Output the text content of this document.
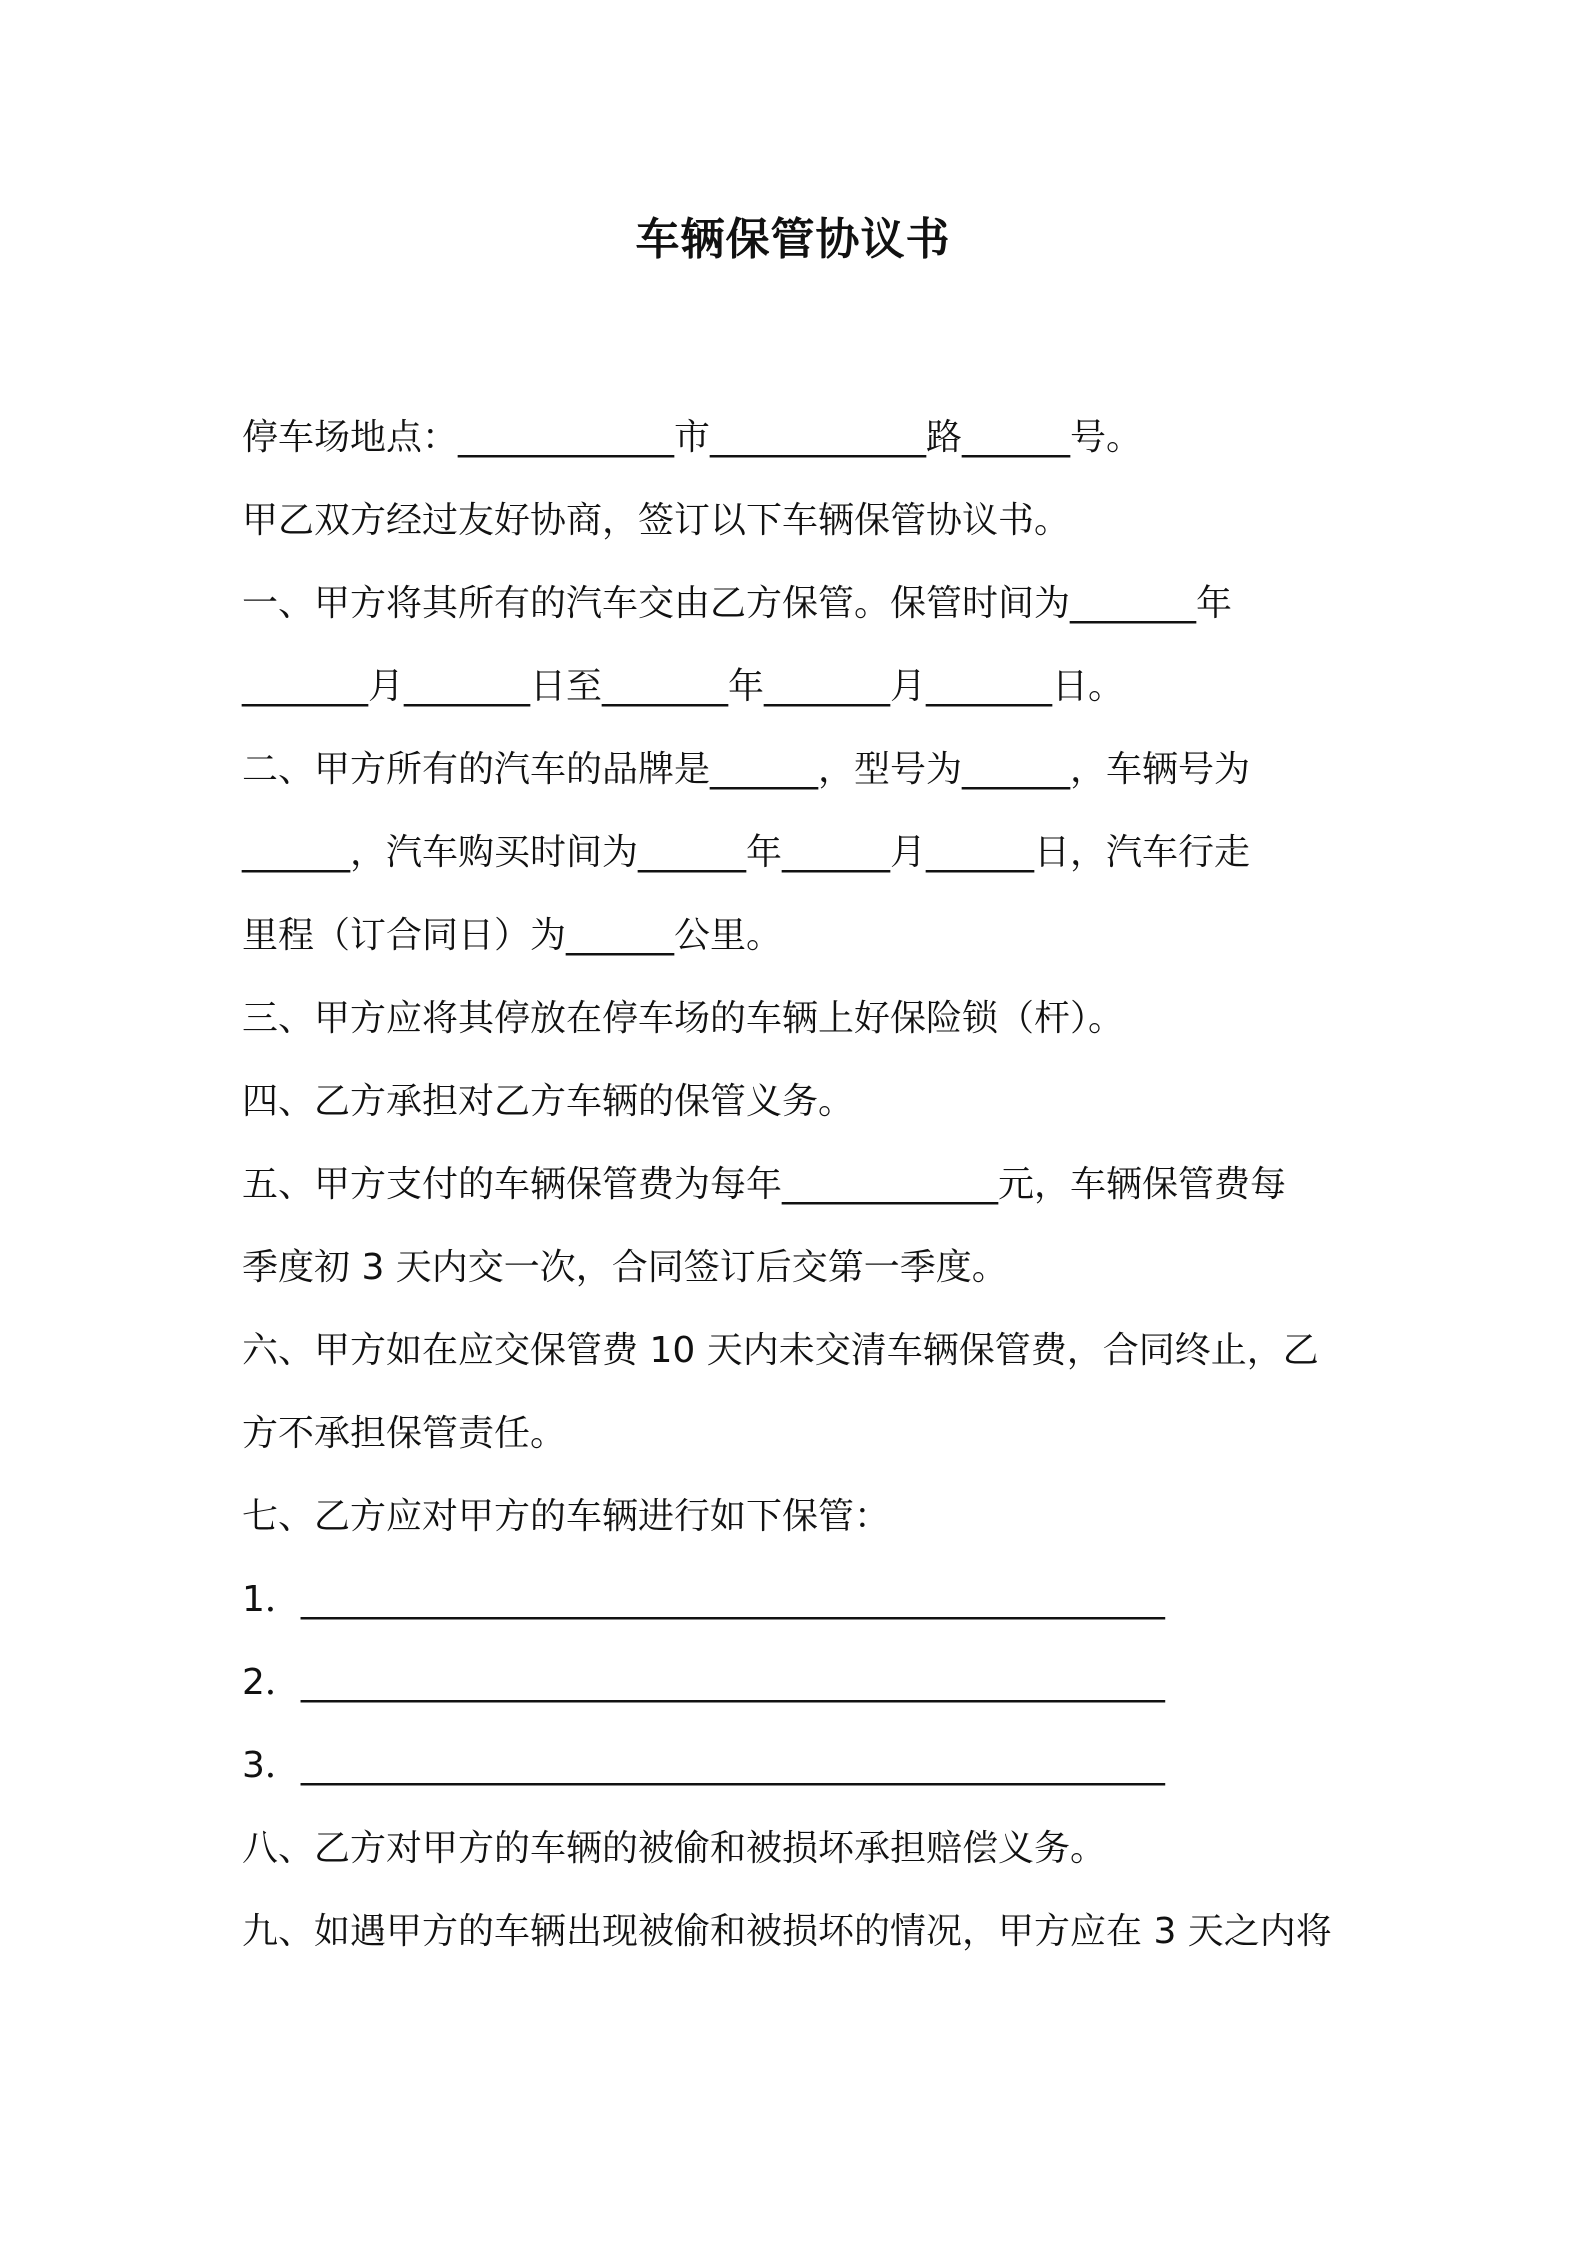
车辆保管协议书
停车场地点：____________市____________路______号。
甲乙双方经过友好协商，签订以下车辆保管协议书。
一、甲方将其所有的汽车交由乙方保管。保管时间为_______年
_______月_______日至_______年_______月_______日。
二、甲方所有的汽车的品牌是______，型号为______，车辆号为
______，汽车购买时间为______年______月______日，汽车行走
里程（订合同日）为______公里。
三、甲方应将其停放在停车场的车辆上好保险锁（杆）。
四、乙方承担对乙方车辆的保管义务。
五、甲方支付的车辆保管费为每年____________元，车辆保管费每
季度初 3 天内交一次，合同签订后交第一季度。
六、甲方如在应交保管费 10 天内未交清车辆保管费，合同终止，乙
方不承担保管责任。
七、乙方应对甲方的车辆进行如下保管：
1．________________________________________________
2．________________________________________________
3．________________________________________________
八、乙方对甲方的车辆的被偷和被损坏承担赔偿义务。
九、如遇甲方的车辆出现被偷和被损坏的情况，甲方应在 3 天之内将
